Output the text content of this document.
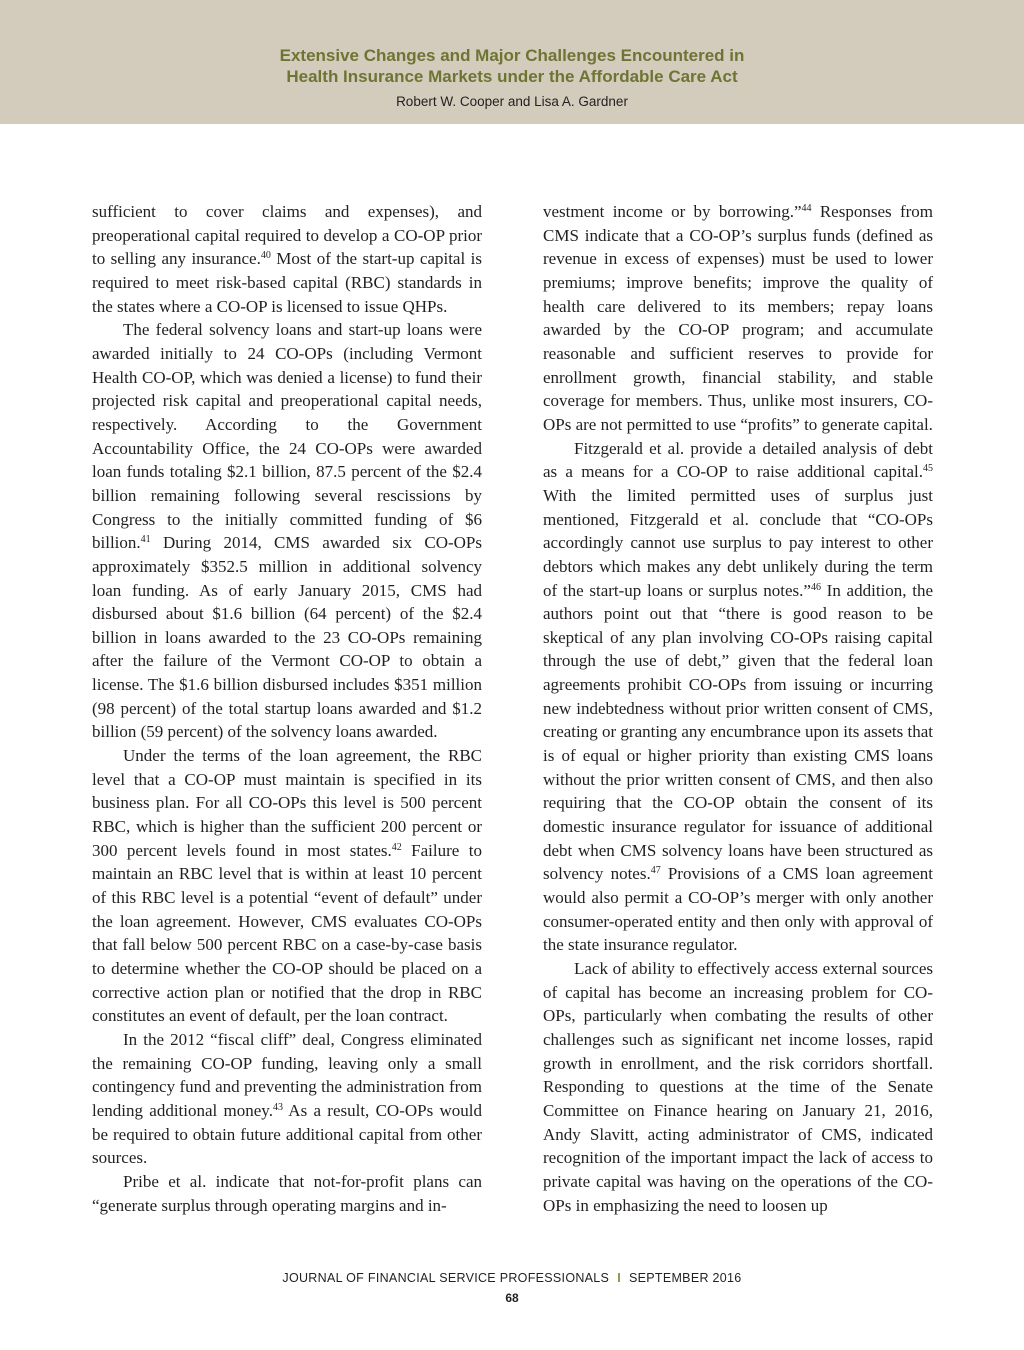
Extensive Changes and Major Challenges Encountered in
Health Insurance Markets under the Affordable Care Act
Robert W. Cooper and Lisa A. Gardner

sufficient to cover claims and expenses), and preoperational capital required to develop a CO-OP prior to selling any insurance.$^{40}$ Most of the start-up capital is required to meet risk-based capital (RBC) standards in the states where a CO-OP is licensed to issue QHPs.

The federal solvency loans and start-up loans were awarded initially to 24 CO-OPs (including Vermont Health CO-OP, which was denied a license) to fund their projected risk capital and preoperational capital needs, respectively. According to the Government Accountability Office, the 24 CO-OPs were awarded loan funds totaling $2.1 billion, 87.5 percent of the $2.4 billion remaining following several rescissions by Congress to the initially committed funding of $6 billion.$^{41}$ During 2014, CMS awarded six CO-OPs approximately $352.5 million in additional solvency loan funding. As of early January 2015, CMS had disbursed about $1.6 billion (64 percent) of the $2.4 billion in loans awarded to the 23 CO-OPs remaining after the failure of the Vermont CO-OP to obtain a license. The $1.6 billion disbursed includes $351 million (98 percent) of the total startup loans awarded and $1.2 billion (59 percent) of the solvency loans awarded.

Under the terms of the loan agreement, the RBC level that a CO-OP must maintain is specified in its business plan. For all CO-OPs this level is 500 percent RBC, which is higher than the sufficient 200 percent or 300 percent levels found in most states.$^{42}$ Failure to maintain an RBC level that is within at least 10 percent of this RBC level is a potential “event of default” under the loan agreement. However, CMS evaluates CO-OPs that fall below 500 percent RBC on a case-by-case basis to determine whether the CO-OP should be placed on a corrective action plan or notified that the drop in RBC constitutes an event of default, per the loan contract.

In the 2012 “fiscal cliff” deal, Congress eliminated the remaining CO-OP funding, leaving only a small contingency fund and preventing the administration from lending additional money.$^{43}$ As a result, CO-OPs would be required to obtain future additional capital from other sources.

Pribe et al. indicate that not-for-profit plans can “generate surplus through operating margins and in-

vestment income or by borrowing.”$^{44}$ Responses from CMS indicate that a CO-OP’s surplus funds (defined as revenue in excess of expenses) must be used to lower premiums; improve benefits; improve the quality of health care delivered to its members; repay loans awarded by the CO-OP program; and accumulate reasonable and sufficient reserves to provide for enrollment growth, financial stability, and stable coverage for members. Thus, unlike most insurers, CO-OPs are not permitted to use “profits” to generate capital.

Fitzgerald et al. provide a detailed analysis of debt as a means for a CO-OP to raise additional capital.$^{45}$ With the limited permitted uses of surplus just mentioned, Fitzgerald et al. conclude that “CO-OPs accordingly cannot use surplus to pay interest to other debtors which makes any debt unlikely during the term of the start-up loans or surplus notes.”$^{46}$ In addition, the authors point out that “there is good reason to be skeptical of any plan involving CO-OPs raising capital through the use of debt,” given that the federal loan agreements prohibit CO-OPs from issuing or incurring new indebtedness without prior written consent of CMS, creating or granting any encumbrance upon its assets that is of equal or higher priority than existing CMS loans without the prior written consent of CMS, and then also requiring that the CO-OP obtain the consent of its domestic insurance regulator for issuance of additional debt when CMS solvency loans have been structured as solvency notes.$^{47}$ Provisions of a CMS loan agreement would also permit a CO-OP’s merger with only another consumer-operated entity and then only with approval of the state insurance regulator.

Lack of ability to effectively access external sources of capital has become an increasing problem for CO-OPs, particularly when combating the results of other challenges such as significant net income losses, rapid growth in enrollment, and the risk corridors shortfall. Responding to questions at the time of the Senate Committee on Finance hearing on January 21, 2016, Andy Slavitt, acting administrator of CMS, indicated recognition of the important impact the lack of access to private capital was having on the operations of the CO-OPs in emphasizing the need to loosen up

JOURNAL OF FINANCIAL SERVICE PROFESSIONALS I SEPTEMBER 2016
68
